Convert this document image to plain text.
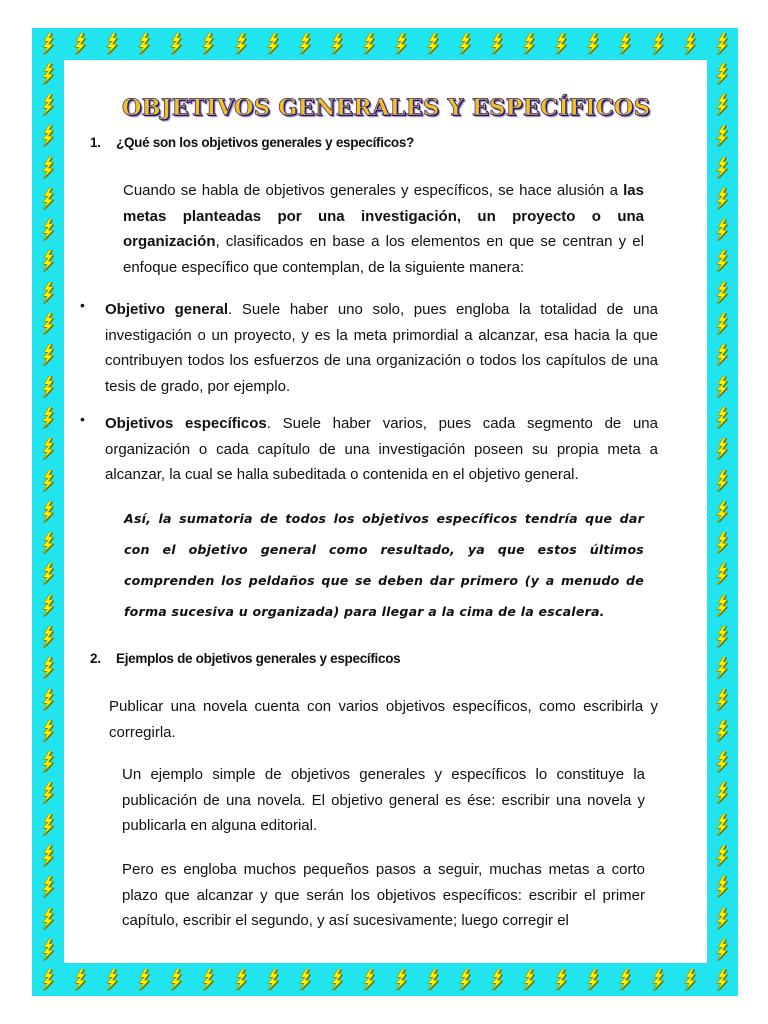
OBJETIVOS GENERALES Y ESPECÍFICOS

1. ¿Qué son los objetivos generales y específicos?

Cuando se habla de objetivos generales y específicos, se hace alusión a las metas planteadas por una investigación, un proyecto o una organización, clasificados en base a los elementos en que se centran y el enfoque específico que contemplan, de la siguiente manera:

• Objetivo general. Suele haber uno solo, pues engloba la totalidad de una investigación o un proyecto, y es la meta primordial a alcanzar, esa hacia la que contribuyen todos los esfuerzos de una organización o todos los capítulos de una tesis de grado, por ejemplo.

• Objetivos específicos. Suele haber varios, pues cada segmento de una organización o cada capítulo de una investigación poseen su propia meta a alcanzar, la cual se halla subeditada o contenida en el objetivo general.

Así, la sumatoria de todos los objetivos específicos tendría que dar con el objetivo general como resultado, ya que estos últimos comprenden los peldaños que se deben dar primero (y a menudo de forma sucesiva u organizada) para llegar a la cima de la escalera.

2. Ejemplos de objetivos generales y específicos

Publicar una novela cuenta con varios objetivos específicos, como escribirla y corregirla.

Un ejemplo simple de objetivos generales y específicos lo constituye la publicación de una novela. El objetivo general es ése: escribir una novela y publicarla en alguna editorial.

Pero es engloba muchos pequeños pasos a seguir, muchas metas a corto plazo que alcanzar y que serán los objetivos específicos: escribir el primer capítulo, escribir el segundo, y así sucesivamente; luego corregir el
